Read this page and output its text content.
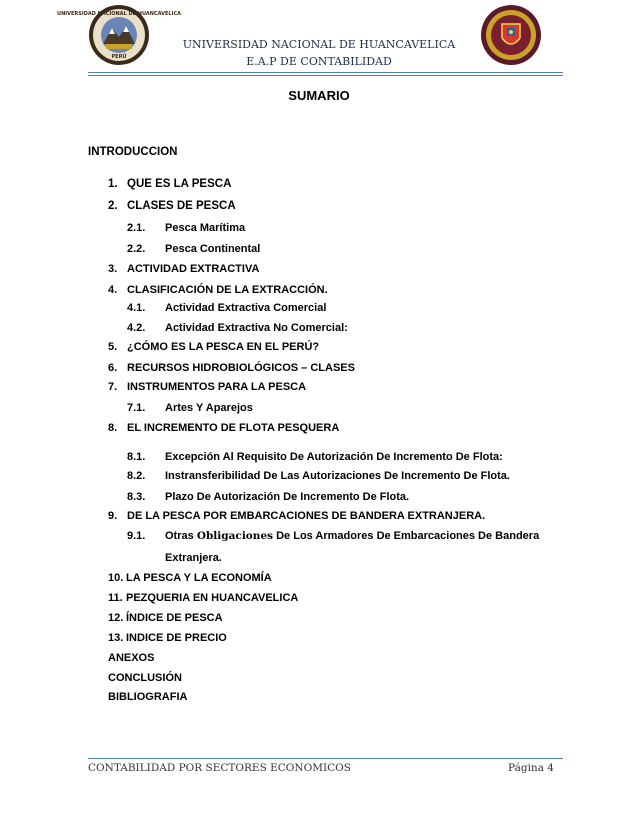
UNIVERSIDAD NACIONAL DE HUANCAVELICA
PERÚ
UNIVERSIDAD NACIONAL DE HUANCAVELICA
E.A.P DE CONTABILIDAD
SUMARIO
INTRODUCCION
1. QUE ES LA PESCA
2. CLASES DE PESCA
2.1. Pesca Marítima
2.2. Pesca Continental
3. ACTIVIDAD EXTRACTIVA
4. CLASIFICACIÓN DE LA EXTRACCIÓN.
4.1. Actividad Extractiva Comercial
4.2. Actividad Extractiva No Comercial:
5. ¿CÓMO ES LA PESCA EN EL PERÚ?
6. RECURSOS HIDROBIOLÓGICOS – CLASES
7. INSTRUMENTOS PARA LA PESCA
7.1. Artes Y Aparejos
8. EL INCREMENTO DE FLOTA PESQUERA
8.1. Excepción Al Requisito De Autorización De Incremento De Flota:
8.2. Instransferibilidad De Las Autorizaciones De Incremento De Flota.
8.3. Plazo De Autorización De Incremento De Flota.
9. DE LA PESCA POR EMBARCACIONES DE BANDERA EXTRANJERA.
9.1. Otras Obligaciones De Los Armadores De Embarcaciones De Bandera
Extranjera.
10. LA PESCA Y LA ECONOMÍA
11. PEZQUERIA EN HUANCAVELICA
12. ÍNDICE DE PESCA
13. INDICE DE PRECIO
ANEXOS
CONCLUSIÓN
BIBLIOGRAFIA
CONTABILIDAD POR SECTORES ECONOMICOS	Página 4
